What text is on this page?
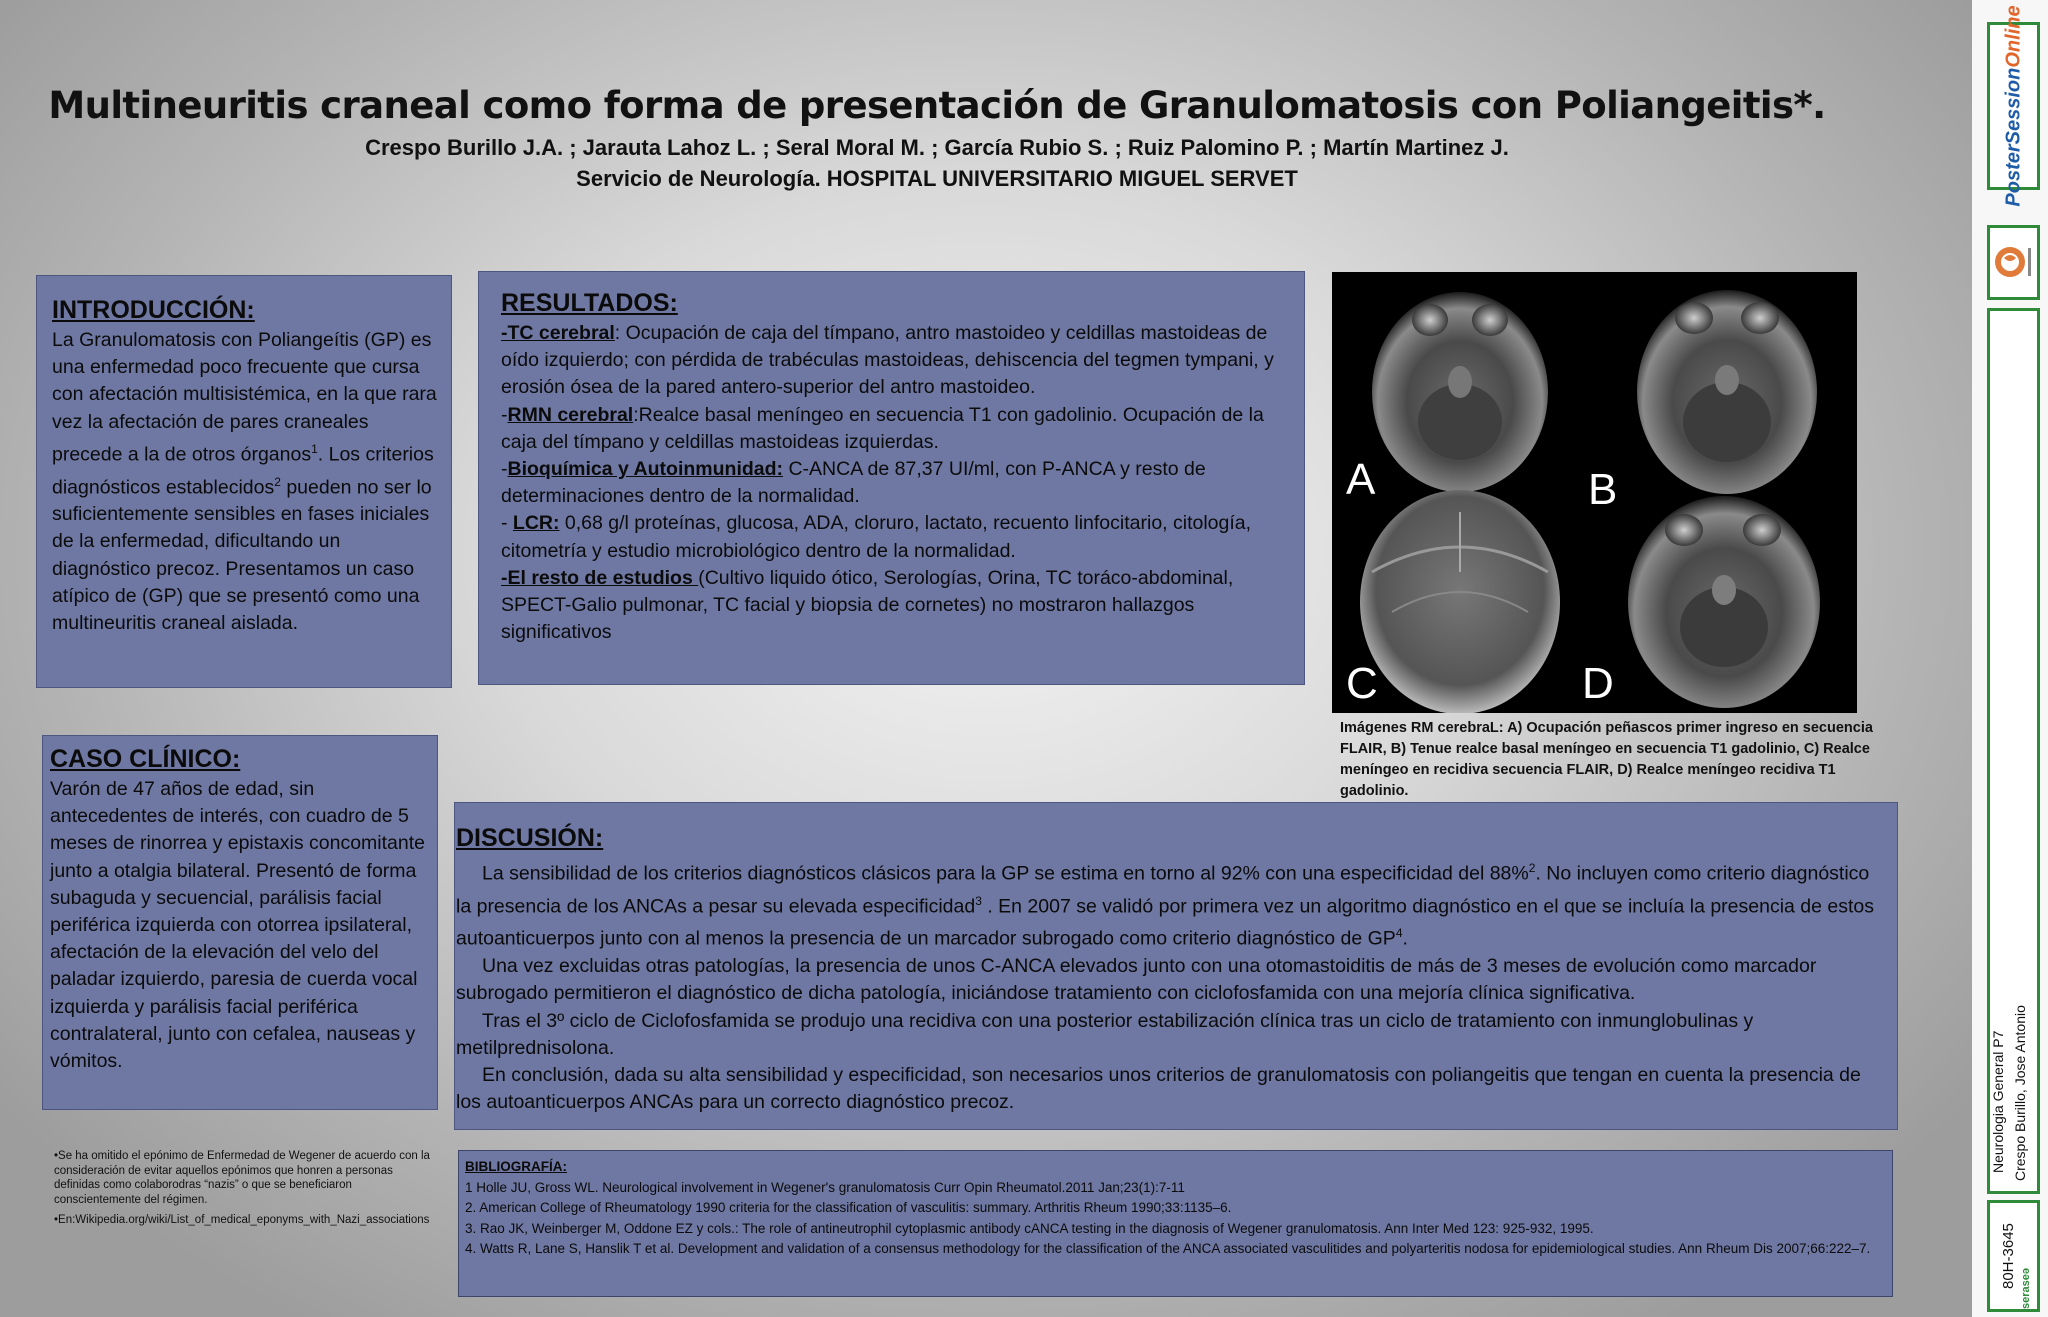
Multineuritis craneal como forma de presentación de Granulomatosis con Poliangeitis*.
Crespo Burillo J.A. ; Jarauta Lahoz L. ; Seral Moral M. ; García Rubio S. ; Ruiz Palomino P. ; Martín Martinez J.
Servicio de Neurología. HOSPITAL UNIVERSITARIO MIGUEL SERVET
INTRODUCCIÓN:

La Granulomatosis con Poliangeítis (GP) es una enfermedad poco frecuente que cursa con afectación multisistémica, en la que rara vez la afectación de pares craneales precede a la de otros órganos$^1$. Los criterios diagnósticos establecidos$^2$ pueden no ser lo suficientemente sensibles en fases iniciales de la enfermedad, dificultando un diagnóstico precoz. Presentamos un caso atípico de (GP) que se presentó como una multineuritis craneal aislada.

CASO CLÍNICO:

Varón de 47 años de edad, sin antecedentes de interés, con cuadro de 5 meses de rinorrea y epistaxis concomitante junto a otalgia bilateral. Presentó de forma subaguda y secuencial, parálisis facial periférica izquierda con otorrea ipsilateral, afectación de la elevación del velo del paladar izquierdo, paresia de cuerda vocal izquierda y parálisis facial periférica contralateral, junto con cefalea, nauseas y vómitos.

RESULTADOS:

-TC cerebral: Ocupación de caja del tímpano, antro mastoideo y celdillas mastoideas de oído izquierdo; con pérdida de trabéculas mastoideas, dehiscencia del tegmen tympani, y erosión ósea de la pared antero-superior del antro mastoideo.

-RMN cerebral:Realce basal meníngeo en secuencia T1 con gadolinio. Ocupación de la caja del tímpano y celdillas mastoideas izquierdas.

-Bioquímica y Autoinmunidad: C-ANCA de 87,37 UI/ml, con P-ANCA y resto de determinaciones dentro de la normalidad.

- LCR: 0,68 g/l proteínas, glucosa, ADA, cloruro, lactato, recuento linfocitario, citología, citometría y estudio microbiológico dentro de la normalidad.

-El resto de estudios (Cultivo liquido ótico, Serologías, Orina, TC toráco-abdominal, SPECT-Galio pulmonar, TC facial y biopsia de cornetes) no mostraron hallazgos significativos

A	B
C	D
Imágenes RM cerebraL: A) Ocupación peñascos primer ingreso en secuencia FLAIR, B) Tenue realce basal meníngeo en secuencia T1 gadolinio, C) Realce meníngeo en recidiva secuencia FLAIR, D) Realce meníngeo recidiva T1 gadolinio.
DISCUSIÓN:

La sensibilidad de los criterios diagnósticos clásicos para la GP se estima en torno al 92% con una especificidad del 88%$^2$. No incluyen como criterio diagnóstico la presencia de los ANCAs a pesar su elevada especificidad$^3$ . En 2007 se validó por primera vez un algoritmo diagnóstico en el que se incluía la presencia de estos autoanticuerpos junto con al menos la presencia de un marcador subrogado como criterio diagnóstico de $GP^4$.

Una vez excluidas otras patologías, la presencia de unos C-ANCA elevados junto con una otomastoiditis de más de 3 meses de evolución como marcador subrogado permitieron el diagnóstico de dicha patología, iniciándose tratamiento con ciclofosfamida con una mejoría clínica significativa.

Tras el 3º ciclo de Ciclofosfamida se produjo una recidiva con una posterior estabilización clínica tras un ciclo de tratamiento con inmunglobulinas y metilprednisolona.

En conclusión, dada su alta sensibilidad y especificidad, son necesarios unos criterios de granulomatosis con poliangeitis que tengan en cuenta la presencia de los autoanticuerpos ANCAs para un correcto diagnóstico precoz.

•Se ha omitido el epónimo de Enfermedad de Wegener de acuerdo con la consideración de evitar aquellos epónimos que honren a personas definidas como colaborodras “nazis” o que se beneficiaron conscientemente del régimen.

•En:Wikipedia.org/wiki/List_of_medical_eponyms_with_Nazi_associations

BIBLIOGRAFÍA:
1 Holle JU, Gross WL. Neurological involvement in Wegener's granulomatosis Curr Opin Rheumatol.2011 Jan;23(1):7-11
2. American College of Rheumatology 1990 criteria for the classification of vasculitis: summary. Arthritis Rheum 1990;33:1135–6.
3. Rao JK, Weinberger M, Oddone EZ y cols.: The role of antineutrophil cytoplasmic antibody cANCA testing in the diagnosis of Wegener granulomatosis. Ann Inter Med 123: 925-932, 1995.
4. Watts R, Lane S, Hanslik T et al. Development and validation of a consensus methodology for the classification of the ANCA associated vasculitides and polyarteritis nodosa for epidemiological studies. Ann Rheum Dis 2007;66:222–7.
PosterSessionOnline
Neurologia General P7 Crespo Burillo, Jose Antonio
80H-3645 seraseǝ
